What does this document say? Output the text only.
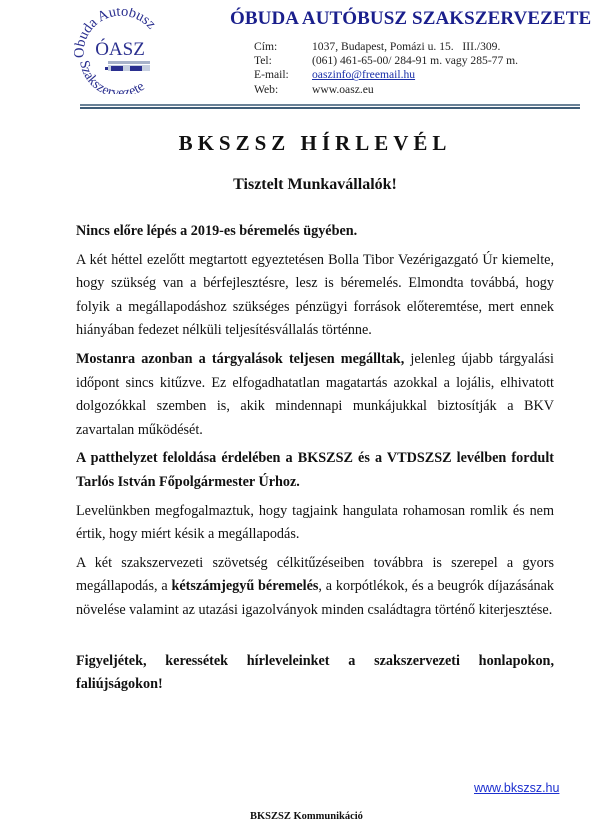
uda Autóbusz
ÓASZ
Szakszervezete
ÓBUDA AUTÓBUSZ SZAKSZERVEZETE
Cím:	1037, Budapest, Pomázi u. 15.   III./309.
Tel:	(061) 461-65-00/ 284-91 m. vagy 285-77 m.
E-mail:	oaszinfo@freemail.hu
Web:	www.oasz.eu
BKSZSZ HÍRLEVÉL
Tisztelt Munkavállalók!

Nincs előre lépés a 2019-es béremelés ügyében.

A két héttel ezelőtt megtartott egyeztetésen Bolla Tibor Vezérigazgató Úr kiemelte, hogy szükség van a bérfejlesztésre, lesz is béremelés. Elmondta továbbá, hogy folyik a megállapodáshoz szükséges pénzügyi források előteremtése, mert ennek hiányában fedezet nélküli teljesítésvállalás történne.

Mostanra azonban a tárgyalások teljesen megálltak, jelenleg újabb tárgyalási időpont sincs kitűzve. Ez elfogadhatatlan magatartás azokkal a lojális, elhivatott dolgozókkal szemben is, akik mindennapi munkájukkal biztosítják a BKV zavartalan működését.

A patthelyzet feloldása érdelében a BKSZSZ és a VTDSZSZ levélben fordult Tarlós István Főpolgármester Úrhoz.

Levelünkben megfogalmaztuk, hogy tagjaink hangulata rohamosan romlik és nem értik, hogy miért késik a megállapodás.

A két szakszervezeti szövetség célkitűzéseiben továbbra is szerepel a gyors megállapodás, a kétszámjegyű béremelés, a korpótlékok, és a beugrók díjazásának növelése valamint az utazási igazolványok minden családtagra történő kiterjesztése.

Figyeljétek, keressétek hírleveleinket a szakszervezeti honlapokon, faliújságokon!

www.bkszsz.hu
BKSZSZ Kommunikáció
